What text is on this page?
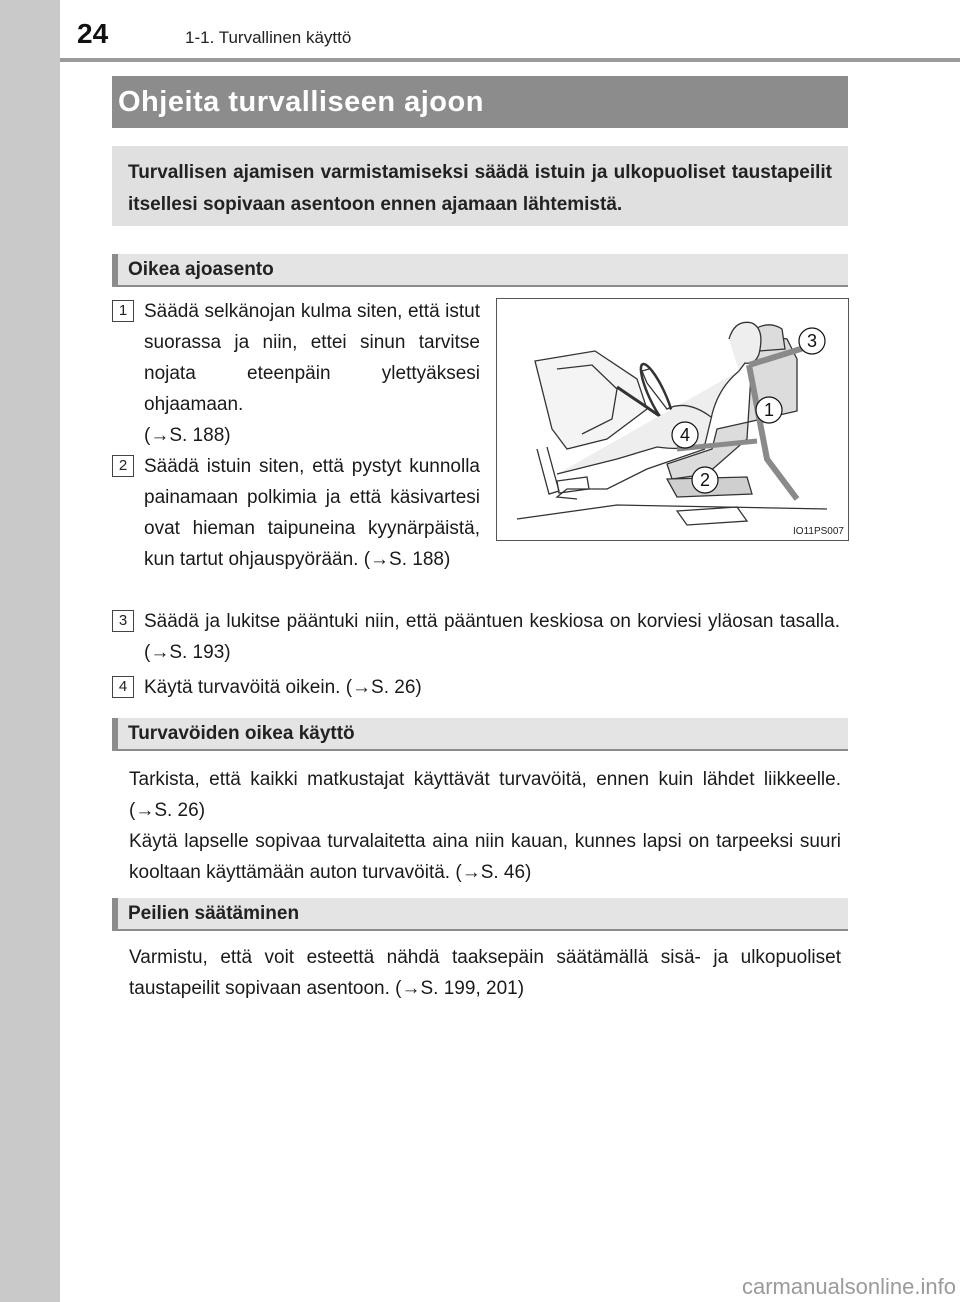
24	1-1. Turvallinen käyttö
Ohjeita turvalliseen ajoon
Turvallisen ajamisen varmistamiseksi säädä istuin ja ulkopuoliset taustapeilit itsellesi sopivaan asentoon ennen ajamaan lähtemistä.
Oikea ajoasento
1 Säädä selkänojan kulma siten, että istut suorassa ja niin, ettei sinun tarvitse nojata eteenpäin ylettyäksesi ohjaamaan.
(→S. 188)
2 Säädä istuin siten, että pystyt kunnolla painamaan polkimia ja että käsivartesi ovat hieman taipuneina kyynärpäistä, kun tartut ohjauspyörään. (→S. 188)
3 Säädä ja lukitse pääntuki niin, että pääntuen keskiosa on korviesi yläosan tasalla. (→S. 193)
4 Käytä turvavöitä oikein. (→S. 26)
3
1
4
2
IO11PS007
Turvavöiden oikea käyttö
Tarkista, että kaikki matkustajat käyttävät turvavöitä, ennen kuin lähdet liikkeelle. (→S. 26)
Käytä lapselle sopivaa turvalaitetta aina niin kauan, kunnes lapsi on tarpeeksi suuri kooltaan käyttämään auton turvavöitä. (→S. 46)
Peilien säätäminen
Varmistu, että voit esteettä nähdä taaksepäin säätämällä sisä- ja ulkopuoliset taustapeilit sopivaan asentoon. (→S. 199, 201)
carmanualsonline.info
